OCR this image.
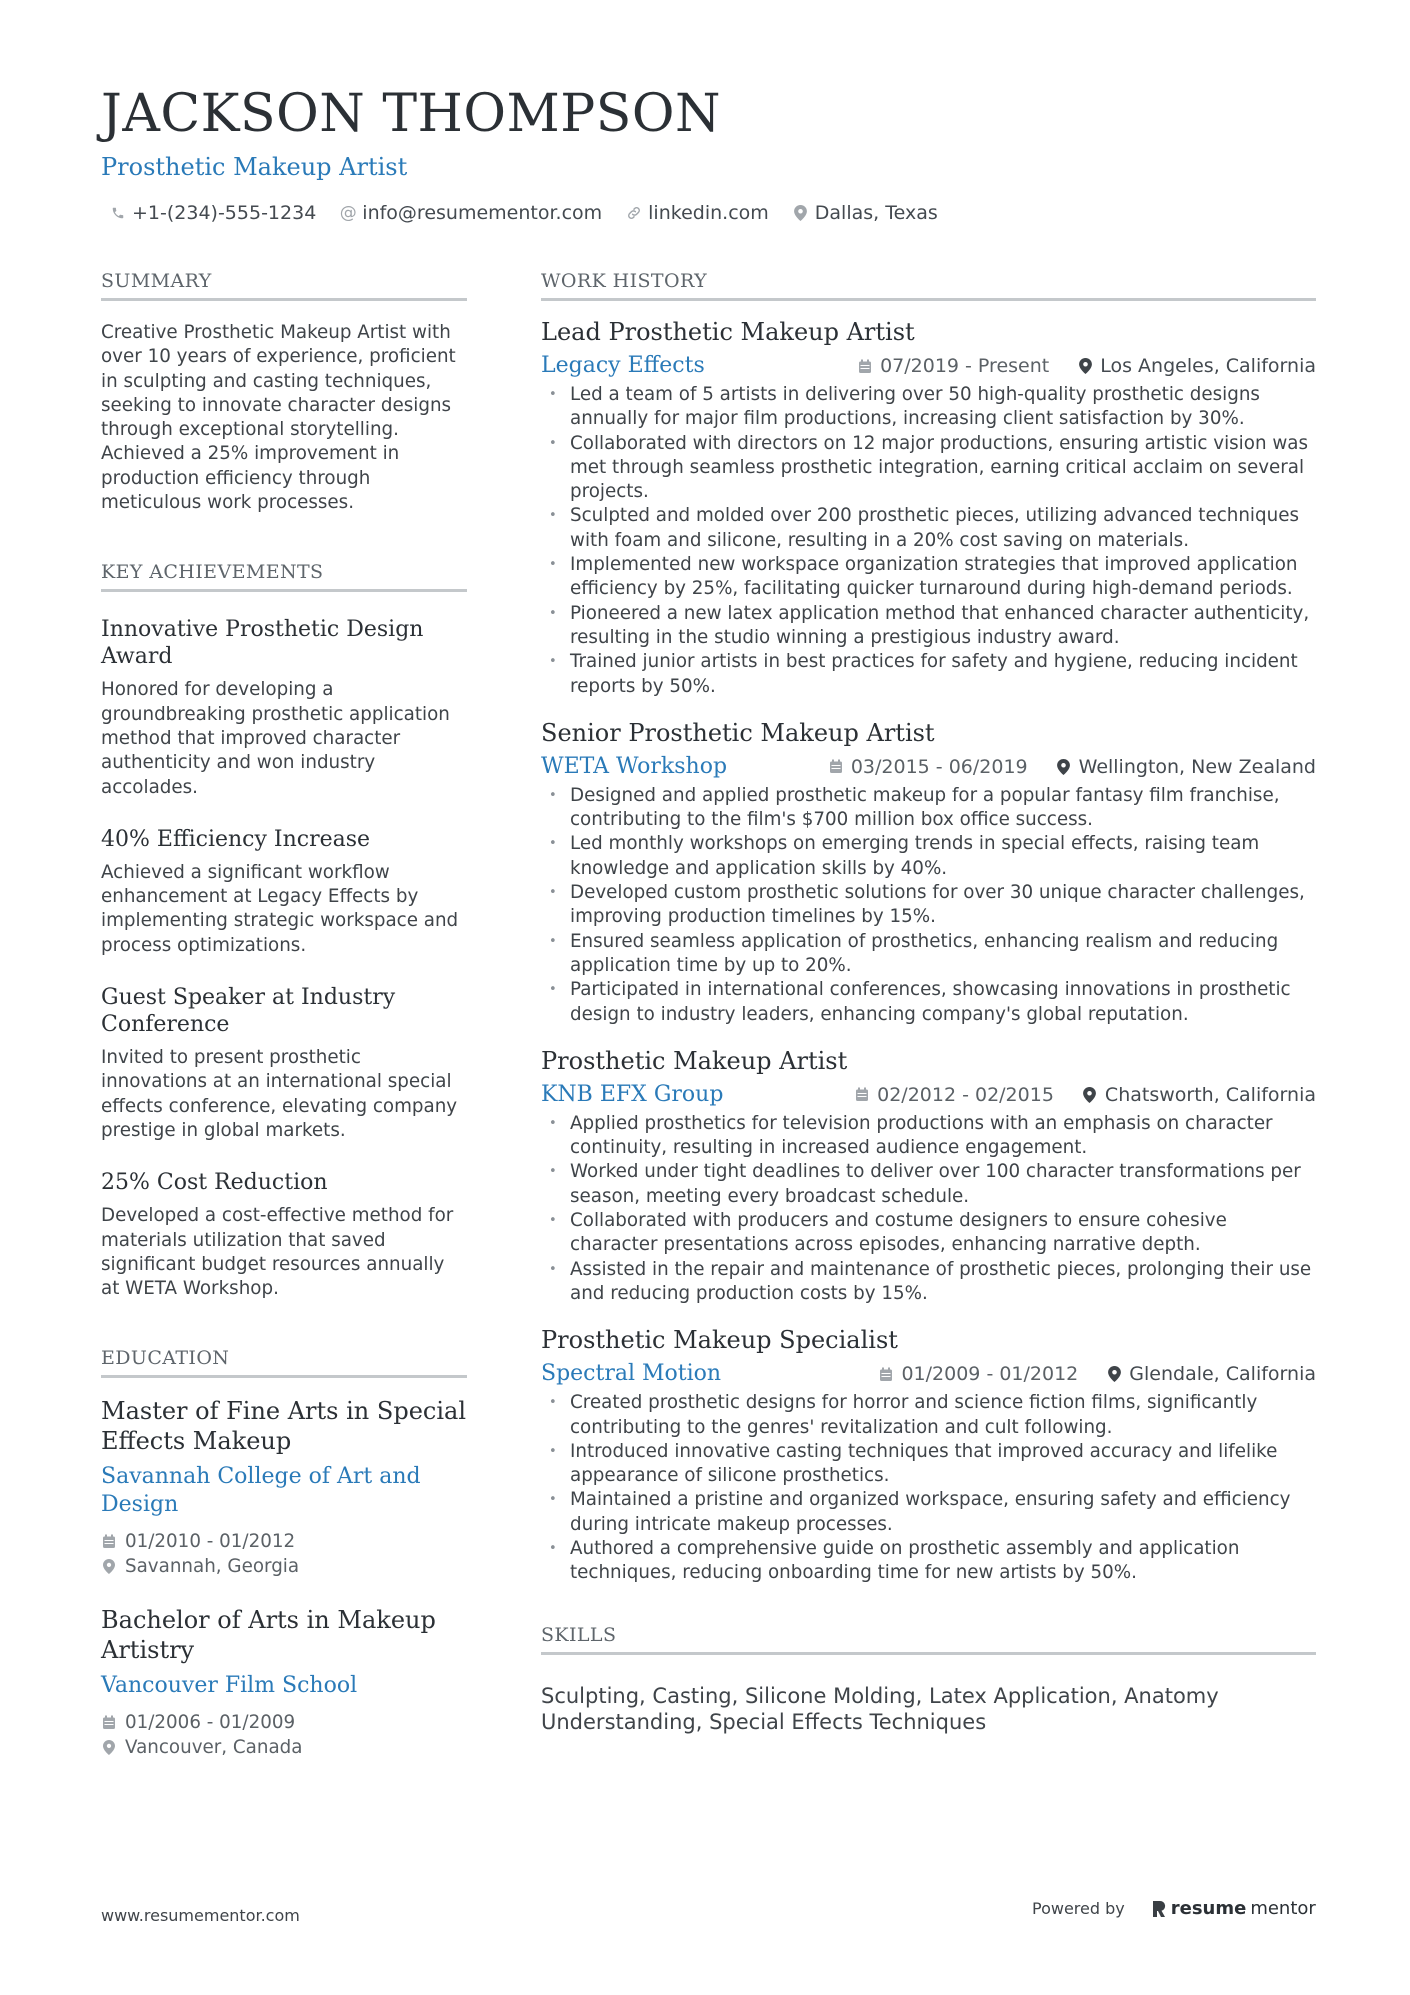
JACKSON THOMPSON
Prosthetic Makeup Artist
+1-(234)-555-1234 @ info@resumementor.com linkedin.com Dallas, Texas
SUMMARY
Creative Prosthetic Makeup Artist with over 10 years of experience, proficient in sculpting and casting techniques, seeking to innovate character designs through exceptional storytelling. Achieved a 25% improvement in production efficiency through meticulous work processes.
KEY ACHIEVEMENTS
Innovative Prosthetic Design Award
Honored for developing a groundbreaking prosthetic application method that improved character authenticity and won industry accolades.
40% Efficiency Increase
Achieved a significant workflow enhancement at Legacy Effects by implementing strategic workspace and process optimizations.
Guest Speaker at Industry Conference
Invited to present prosthetic innovations at an international special effects conference, elevating company prestige in global markets.
25% Cost Reduction
Developed a cost-effective method for materials utilization that saved significant budget resources annually at WETA Workshop.
EDUCATION
Master of Fine Arts in Special Effects Makeup
Savannah College of Art and Design
01/2010 - 01/2012
Savannah, Georgia
Bachelor of Arts in Makeup Artistry
Vancouver Film School
01/2006 - 01/2009
Vancouver, Canada
WORK HISTORY
Lead Prosthetic Makeup Artist
Legacy Effects	07/2019 - Present	Los Angeles, California
• Led a team of 5 artists in delivering over 50 high-quality prosthetic designs annually for major film productions, increasing client satisfaction by 30%.
• Collaborated with directors on 12 major productions, ensuring artistic vision was met through seamless prosthetic integration, earning critical acclaim on several projects.
• Sculpted and molded over 200 prosthetic pieces, utilizing advanced techniques with foam and silicone, resulting in a 20% cost saving on materials.
• Implemented new workspace organization strategies that improved application efficiency by 25%, facilitating quicker turnaround during high-demand periods.
• Pioneered a new latex application method that enhanced character authenticity, resulting in the studio winning a prestigious industry award.
• Trained junior artists in best practices for safety and hygiene, reducing incident reports by 50%.
Senior Prosthetic Makeup Artist
WETA Workshop	03/2015 - 06/2019	Wellington, New Zealand
• Designed and applied prosthetic makeup for a popular fantasy film franchise, contributing to the film's $700 million box office success.
• Led monthly workshops on emerging trends in special effects, raising team knowledge and application skills by 40%.
• Developed custom prosthetic solutions for over 30 unique character challenges, improving production timelines by 15%.
• Ensured seamless application of prosthetics, enhancing realism and reducing application time by up to 20%.
• Participated in international conferences, showcasing innovations in prosthetic design to industry leaders, enhancing company's global reputation.
Prosthetic Makeup Artist
KNB EFX Group	02/2012 - 02/2015	Chatsworth, California
• Applied prosthetics for television productions with an emphasis on character continuity, resulting in increased audience engagement.
• Worked under tight deadlines to deliver over 100 character transformations per season, meeting every broadcast schedule.
• Collaborated with producers and costume designers to ensure cohesive character presentations across episodes, enhancing narrative depth.
• Assisted in the repair and maintenance of prosthetic pieces, prolonging their use and reducing production costs by 15%.
Prosthetic Makeup Specialist
Spectral Motion	01/2009 - 01/2012	Glendale, California
• Created prosthetic designs for horror and science fiction films, significantly contributing to the genres' revitalization and cult following.
• Introduced innovative casting techniques that improved accuracy and lifelike appearance of silicone prosthetics.
• Maintained a pristine and organized workspace, ensuring safety and efficiency during intricate makeup processes.
• Authored a comprehensive guide on prosthetic assembly and application techniques, reducing onboarding time for new artists by 50%.
SKILLS
Sculpting, Casting, Silicone Molding, Latex Application, Anatomy Understanding, Special Effects Techniques
www.resumementor.com	Powered by	resume mentor
